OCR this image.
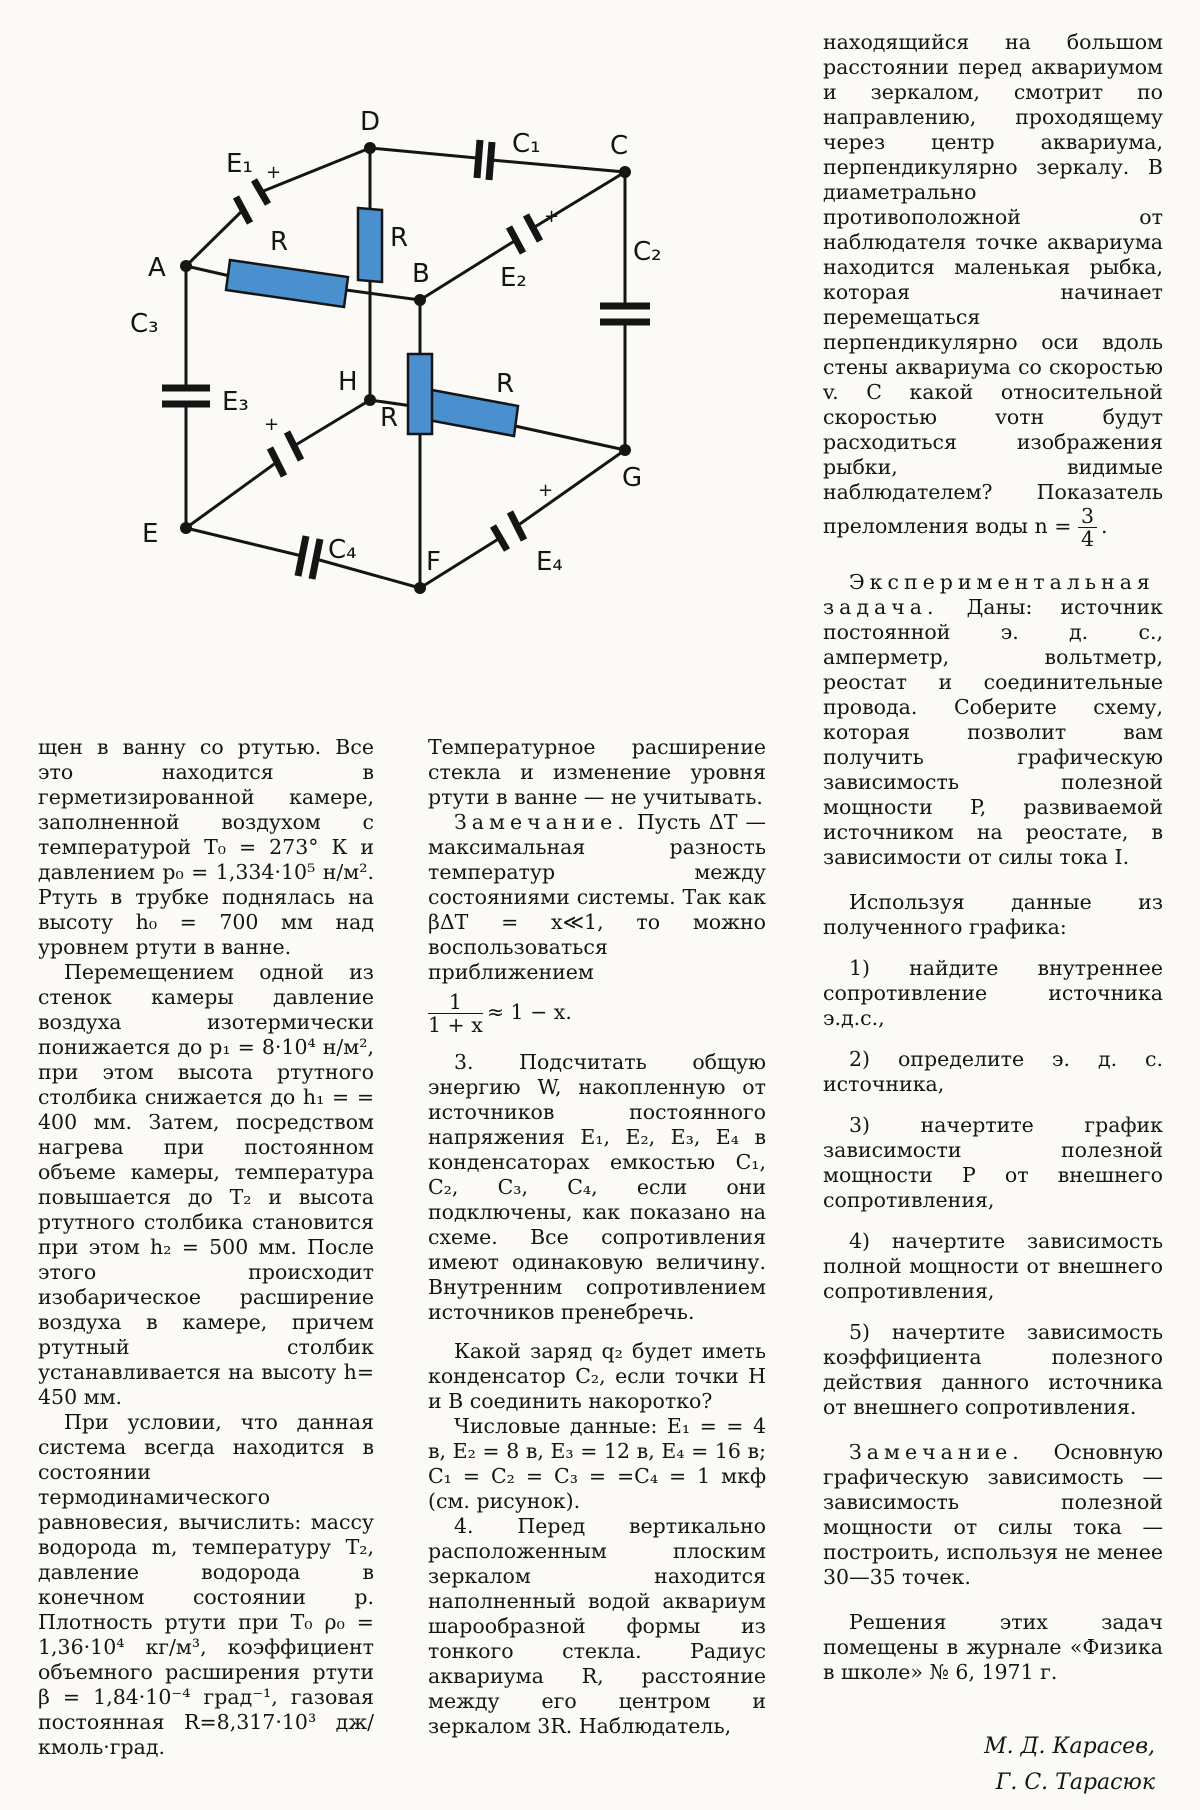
A
D
C
B
H
G
E
F
R	R
R
R
E₁
E₂
E₃
E₄
C₁
C₂
C₃
C₄
+
+
+
+

щен в ванну со ртутью. Все это находится в герметизированной камере, заполненной воздухом с температурой T₀ = 273° К и давлением p₀ = 1,334·10⁵ н/м². Ртуть в трубке поднялась на высоту h₀ = 700 мм над уровнем ртути в ванне.

Перемещением одной из стенок камеры давление воздуха изотермически понижается до p₁ = 8·10⁴ н/м², при этом высота ртутного столбика снижается до h₁ = = 400 мм. Затем, посредством нагрева при постоянном объеме камеры, температура повышается до T₂ и высота ртутного столбика становится при этом h₂ = 500 мм. После этого происходит изобарическое расширение воздуха в камере, причем ртутный столбик устанавливается на высоту h= 450 мм.

При условии, что данная система всегда находится в состоянии термодинамического равновесия, вычислить: массу водорода m, температуру T₂, давление водорода в конечном состоянии p. Плотность ртути при T₀ ρ₀ = 1,36·10⁴ кг/м³, коэффициент объемного расширения ртути β = 1,84·10⁻⁴ град⁻¹, газовая постоянная R=8,317·10³ дж/кмоль·град.

Температурное расширение стекла и изменение уровня ртути в ванне — не учитывать.

Замечание. Пусть ΔT — максимальная разность температур между состояниями системы. Так как βΔT = x≪1, то можно воспользоваться приближением

$\frac{1}{1 + x} \approx 1 - x$.

3. Подсчитать общую энергию W, накопленную от источников постоянного напряжения E₁, E₂, E₃, E₄ в конденсаторах емкостью C₁, C₂, C₃, C₄, если они подключены, как показано на схеме. Все сопротивления имеют одинаковую величину. Внутренним сопротивлением источников пренебречь.

Какой заряд q₂ будет иметь конденсатор C₂, если точки H и B соединить накоротко?

Числовые данные: E₁ = = 4 в, E₂ = 8 в, E₃ = 12 в, E₄ = 16 в; C₁ = C₂ = C₃ = =C₄ = 1 мкф (см. рисунок).

4. Перед вертикально расположенным плоским зеркалом находится наполненный водой аквариум шарообразной формы из тонкого стекла. Радиус аквариума R, расстояние между его центром и зеркалом 3R. Наблюдатель,

находящийся на большом расстоянии перед аквариумом и зеркалом, смотрит по направлению, проходящему через центр аквариума, перпендикулярно зеркалу. В диаметрально противоположной от наблюдателя точке аквариума находится маленькая рыбка, которая начинает перемещаться перпендикулярно оси вдоль стены аквариума со скоростью v. С какой относительной скоростью vотн будут расходиться изображения рыбки, видимые наблюдателем? Показатель преломления воды $n = \frac{3}{4}$ .

Экспериментальная задача. Даны: источник постоянной э. д. с., амперметр, вольтметр, реостат и соединительные провода. Соберите схему, которая позволит вам получить графическую зависимость полезной мощности P, развиваемой источником на реостате, в зависимости от силы тока I.

Используя данные из полученного графика:

1) найдите внутреннее сопротивление источника э.д.с.,

2) определите э. д. с. источника,

3) начертите график зависимости полезной мощности P от внешнего сопротивления,

4) начертите зависимость полной мощности от внешнего сопротивления,

5) начертите зависимость коэффициента полезного действия данного источника от внешнего сопротивления.

Замечание. Основную графическую зависимость — зависимость полезной мощности от силы тока — построить, используя не менее 30—35 точек.

Решения этих задач помещены в журнале «Физика в школе» № 6, 1971 г.

М. Д. Карасев,

Г. С. Тарасюк
